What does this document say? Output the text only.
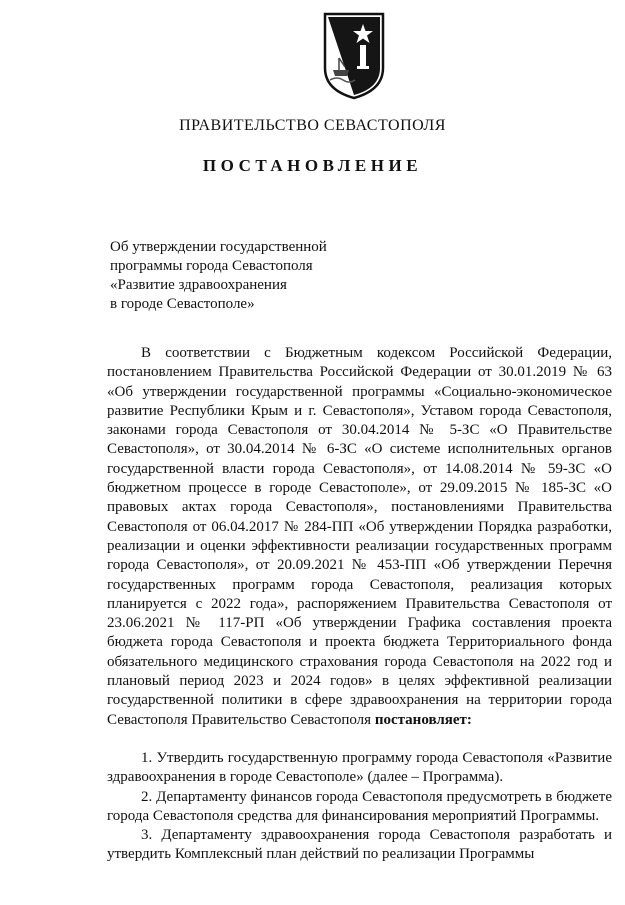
ПРАВИТЕЛЬСТВО СЕВАСТОПОЛЯ
ПОСТАНОВЛЕНИЕ
Об утверждении государственной
программы города Севастополя
«Развитие здравоохранения
в городе Севастополе»

В соответствии с Бюджетным кодексом Российской Федерации, постановлением Правительства Российской Федерации от 30.01.2019 № 63 «Об утверждении государственной программы «Социально-экономическое развитие Республики Крым и г. Севастополя», Уставом города Севастополя, законами города Севастополя от 30.04.2014 № 5-ЗС «О Правительстве Севастополя», от 30.04.2014 № 6-ЗС «О системе исполнительных органов государственной власти города Севастополя», от 14.08.2014 № 59-ЗС «О бюджетном процессе в городе Севастополе», от 29.09.2015 № 185-ЗС «О правовых актах города Севастополя», постановлениями Правительства Севастополя от 06.04.2017 № 284-ПП «Об утверждении Порядка разработки, реализации и оценки эффективности реализации государственных программ города Севастополя», от 20.09.2021 № 453-ПП «Об утверждении Перечня государственных программ города Севастополя, реализация которых планируется с 2022 года», распоряжением Правительства Севастополя от 23.06.2021 № 117-РП «Об утверждении Графика составления проекта бюджета города Севастополя и проекта бюджета Территориального фонда обязательного медицинского страхования города Севастополя на 2022 год и плановый период 2023 и 2024 годов» в целях эффективной реализации государственной политики в сфере здравоохранения на территории города Севастополя Правительство Севастополя постановляет:

1. Утвердить государственную программу города Севастополя «Развитие здравоохранения в городе Севастополе» (далее – Программа).

2. Департаменту финансов города Севастополя предусмотреть в бюджете города Севастополя средства для финансирования мероприятий Программы.

3. Департаменту здравоохранения города Севастополя разработать и утвердить Комплексный план действий по реализации Программы
